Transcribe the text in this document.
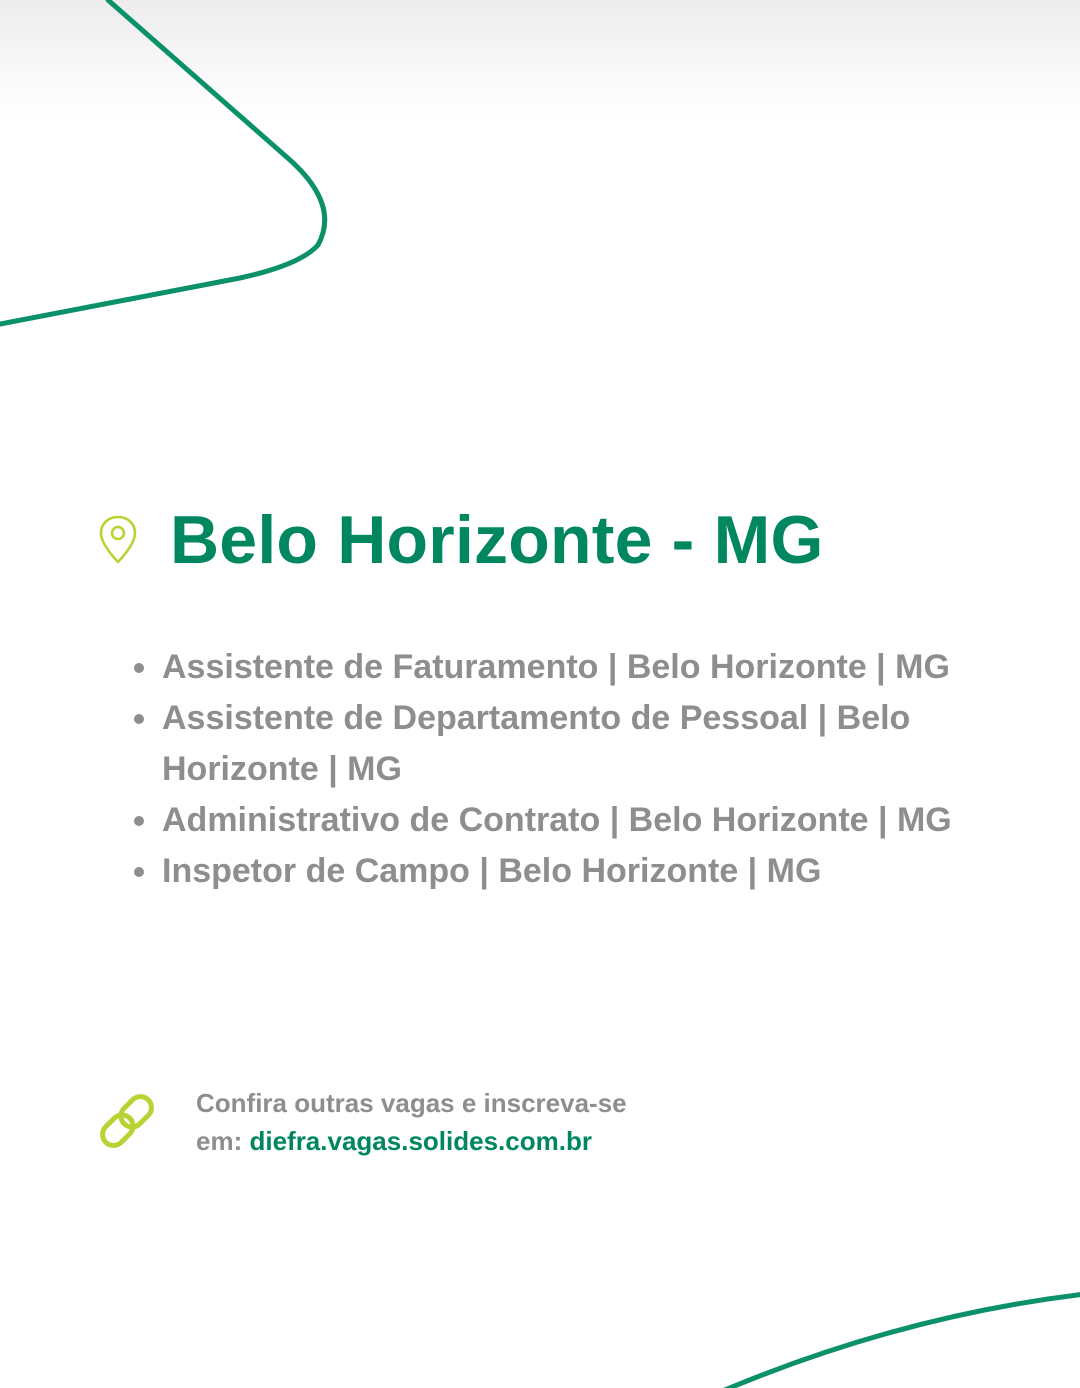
Belo Horizonte - MG
Assistente de Faturamento | Belo Horizonte | MG
Assistente de Departamento de Pessoal | Belo Horizonte | MG
Administrativo de Contrato | Belo Horizonte | MG
Inspetor de Campo | Belo Horizonte | MG
Confira outras vagas e inscreva-se
em: diefra.vagas.solides.com.br
